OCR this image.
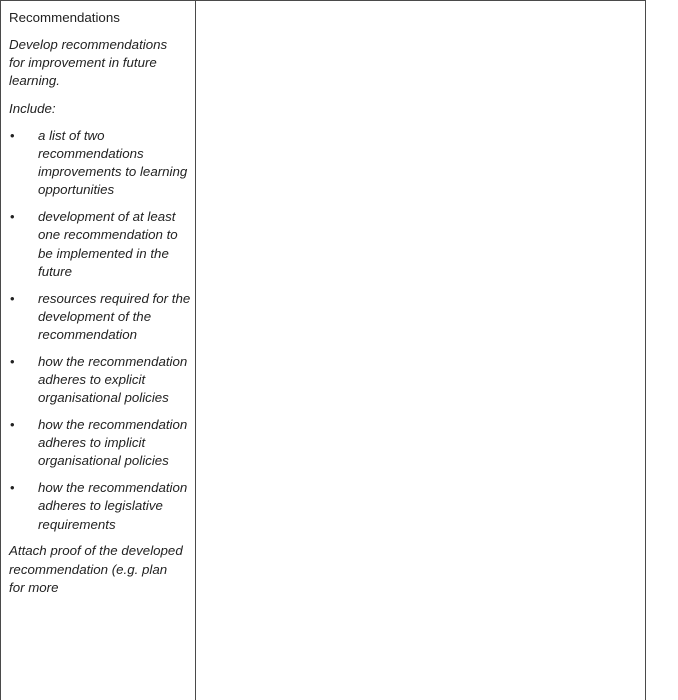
Recommendations
Develop recommendations for improvement in future learning.
Include:
• a list of two recommendations improvements to learning opportunities
• development of at least one recommendation to be implemented in the future
• resources required for the development of the recommendation
• how the recommendation adheres to explicit organisational policies
• how the recommendation adheres to implicit organisational policies
• how the recommendation adheres to legislative requirements
Attach proof of the developed recommendation (e.g. plan for more
